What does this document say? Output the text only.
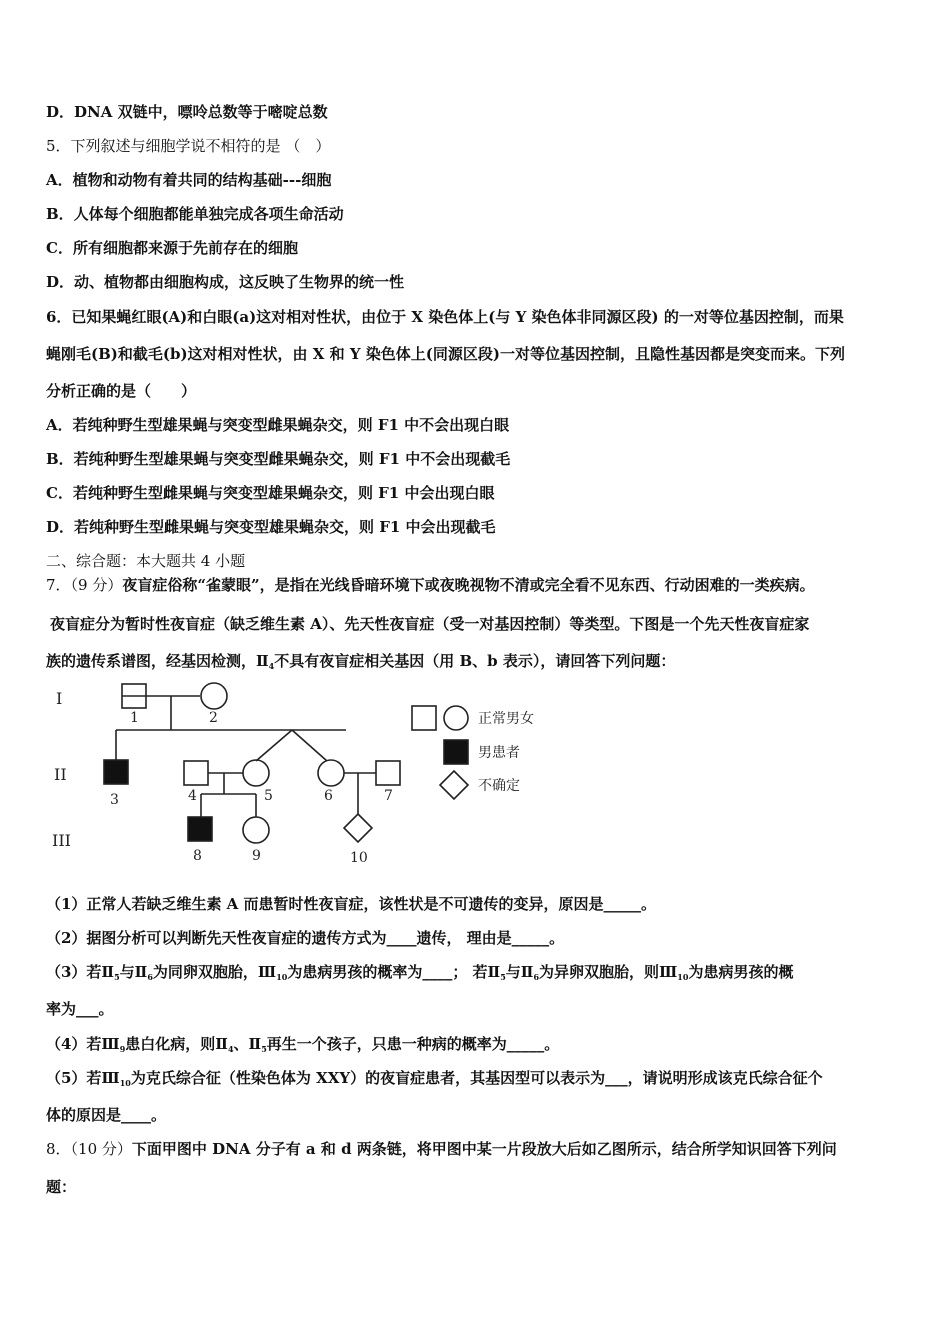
D．DNA 双链中，嘌呤总数等于嘧啶总数
5．下列叙述与细胞学说不相符的是 （　）
A．植物和动物有着共同的结构基础---细胞
B．人体每个细胞都能单独完成各项生命活动
C．所有细胞都来源于先前存在的细胞
D．动、植物都由细胞构成，这反映了生物界的统一性
6．已知果蝇红眼(A)和白眼(a)这对相对性状，由位于 X 染色体上(与 Y 染色体非同源区段) 的一对等位基因控制，而果
蝇刚毛(B)和截毛(b)这对相对性状，由 X 和 Y 染色体上(同源区段)一对等位基因控制，且隐性基因都是突变而来。下列
分析正确的是（　　）
A．若纯种野生型雄果蝇与突变型雌果蝇杂交，则 F1 中不会出现白眼
B．若纯种野生型雄果蝇与突变型雌果蝇杂交，则 F1 中不会出现截毛
C．若纯种野生型雌果蝇与突变型雄果蝇杂交，则 F1 中会出现白眼
D．若纯种野生型雌果蝇与突变型雄果蝇杂交，则 F1 中会出现截毛
二、综合题：本大题共 4 小题
7．（9 分）夜盲症俗称“雀蒙眼”，是指在光线昏暗环境下或夜晚视物不清或完全看不见东西、行动困难的一类疾病。
夜盲症分为暂时性夜盲症（缺乏维生素 A）、先天性夜盲症（受一对基因控制）等类型。下图是一个先天性夜盲症家
族的遗传系谱图，经基因检测，$Ⅱ_4$不具有夜盲症相关基因（用 B、b 表示），请回答下列问题：
I
II
III
1	2
3	4	5	6	7
8	9	10
正常男女
男患者
不确定
（1）正常人若缺乏维生素 A 而患暂时性夜盲症，该性状是不可遗传的变异，原因是_____。
（2）据图分析可以判断先天性夜盲症的遗传方式为____遗传， 理由是_____。
（3）若$Ⅱ_5$与$Ⅱ_6$为同卵双胞胎，$Ⅲ_{10}$为患病男孩的概率为____； 若$Ⅱ_5$与$Ⅱ_6$为异卵双胞胎，则$Ⅲ_{10}$为患病男孩的概
率为___。
（4）若$Ⅲ_9$患白化病，则$Ⅱ_4$、$Ⅱ_5$再生一个孩子，只患一种病的概率为_____。
（5）若$Ⅲ_{10}$为克氏综合征（性染色体为 XXY）的夜盲症患者，其基因型可以表示为___，请说明形成该克氏综合征个
体的原因是____。
8．（10 分）下面甲图中 DNA 分子有 a 和 d 两条链，将甲图中某一片段放大后如乙图所示，结合所学知识回答下列问
题：
